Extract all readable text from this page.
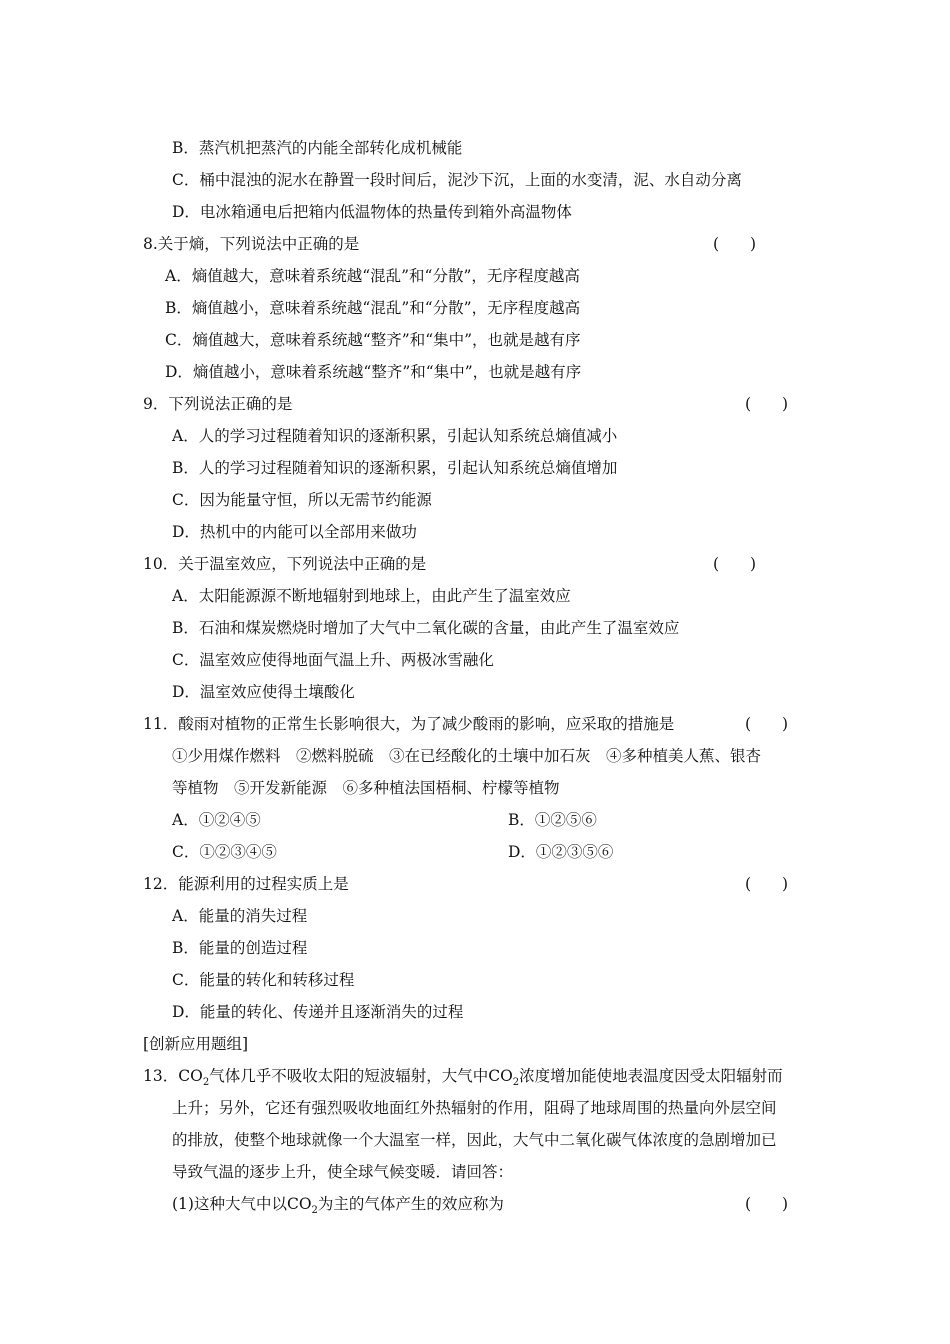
B．蒸汽机把蒸汽的内能全部转化成机械能
C．桶中混浊的泥水在静置一段时间后，泥沙下沉，上面的水变清，泥、水自动分离
D．电冰箱通电后把箱内低温物体的热量传到箱外高温物体
8.关于熵，下列说法中正确的是	(　　)
A．熵值越大，意味着系统越“混乱”和“分散”，无序程度越高
B．熵值越小，意味着系统越“混乱”和“分散”，无序程度越高
C．熵值越大，意味着系统越“整齐”和“集中”，也就是越有序
D．熵值越小，意味着系统越“整齐”和“集中”，也就是越有序
9．下列说法正确的是	(　　)
A．人的学习过程随着知识的逐渐积累，引起认知系统总熵值减小
B．人的学习过程随着知识的逐渐积累，引起认知系统总熵值增加
C．因为能量守恒，所以无需节约能源
D．热机中的内能可以全部用来做功
10．关于温室效应，下列说法中正确的是	(　　)
A．太阳能源源不断地辐射到地球上，由此产生了温室效应
B．石油和煤炭燃烧时增加了大气中二氧化碳的含量，由此产生了温室效应
C．温室效应使得地面气温上升、两极冰雪融化
D．温室效应使得土壤酸化
11．酸雨对植物的正常生长影响很大，为了减少酸雨的影响，应采取的措施是	(　　)
①少用煤作燃料　②燃料脱硫　③在已经酸化的土壤中加石灰　④多种植美人蕉、银杏
等植物　⑤开发新能源　⑥多种植法国梧桐、柠檬等植物
A．①②④⑤	B．①②⑤⑥
C．①②③④⑤	D．①②③⑤⑥
12．能源利用的过程实质上是	(　　)
A．能量的消失过程
B．能量的创造过程
C．能量的转化和转移过程
D．能量的转化、传递并且逐渐消失的过程
[创新应用题组]
13．$CO_2$气体几乎不吸收太阳的短波辐射，大气中$CO_2$浓度增加能使地表温度因受太阳辐射而
上升；另外，它还有强烈吸收地面红外热辐射的作用，阻碍了地球周围的热量向外层空间
的排放，使整个地球就像一个大温室一样，因此，大气中二氧化碳气体浓度的急剧增加已
导致气温的逐步上升，使全球气候变暖．请回答：
(1)这种大气中以$CO_2$为主的气体产生的效应称为	(　　)
